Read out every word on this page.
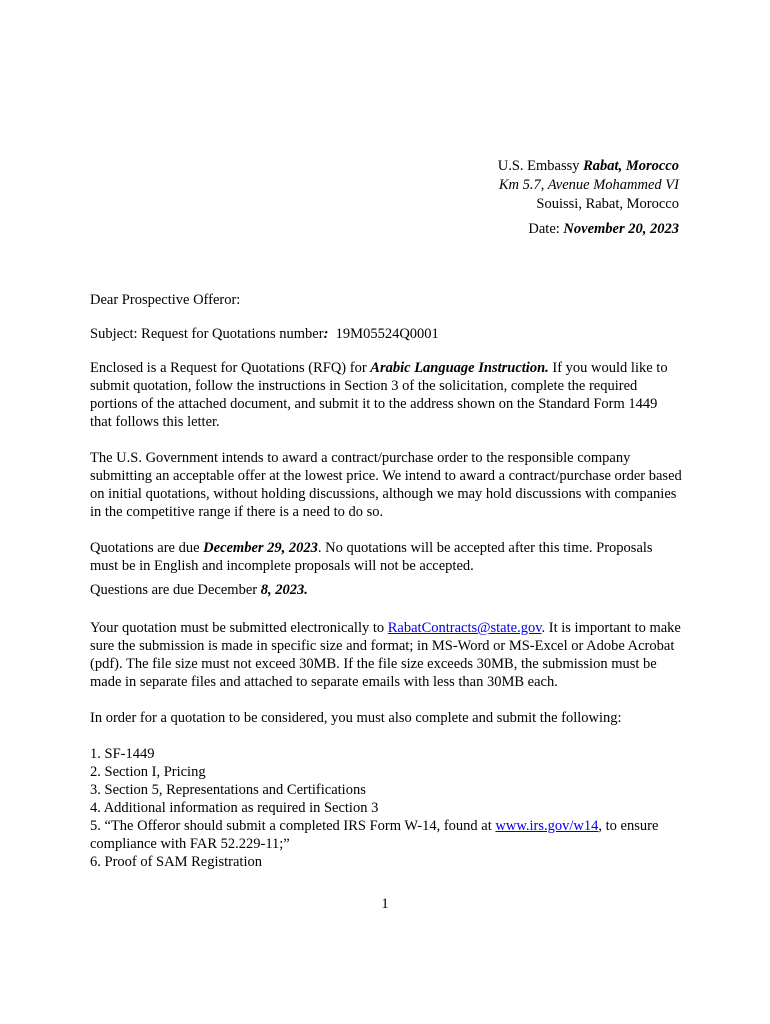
U.S. Embassy Rabat, Morocco
Km 5.7, Avenue Mohammed VI
Souissi, Rabat, Morocco
Date: November 20, 2023

Dear Prospective Offeror:

Subject: Request for Quotations number: 19M05524Q0001

Enclosed is a Request for Quotations (RFQ) for Arabic Language Instruction. If you would like to submit quotation, follow the instructions in Section 3 of the solicitation, complete the required portions of the attached document, and submit it to the address shown on the Standard Form 1449 that follows this letter.

The U.S. Government intends to award a contract/purchase order to the responsible company submitting an acceptable offer at the lowest price. We intend to award a contract/purchase order based on initial quotations, without holding discussions, although we may hold discussions with companies in the competitive range if there is a need to do so.

Quotations are due December 29, 2023. No quotations will be accepted after this time. Proposals must be in English and incomplete proposals will not be accepted.

Questions are due December 8, 2023.

Your quotation must be submitted electronically to RabatContracts@state.gov. It is important to make sure the submission is made in specific size and format; in MS-Word or MS-Excel or Adobe Acrobat (pdf). The file size must not exceed 30MB. If the file size exceeds 30MB, the submission must be made in separate files and attached to separate emails with less than 30MB each.

In order for a quotation to be considered, you must also complete and submit the following:

1. SF-1449
2. Section I, Pricing
3. Section 5, Representations and Certifications
4. Additional information as required in Section 3
5. “The Offeror should submit a completed IRS Form W-14, found at www.irs.gov/w14, to ensure compliance with FAR 52.229-11;”
6. Proof of SAM Registration
1
